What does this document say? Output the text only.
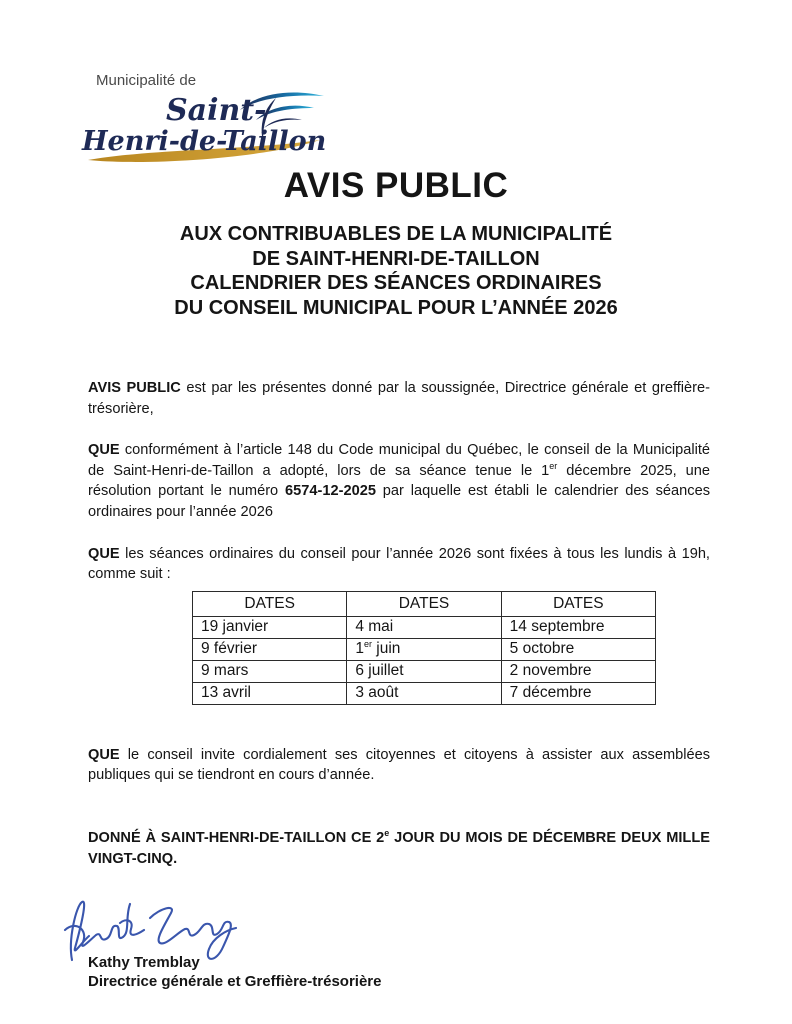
Municipalité de
Saint-
Henri-de-Taillon
AVIS PUBLIC
AUX CONTRIBUABLES DE LA MUNICIPALITÉ
DE SAINT-HENRI-DE-TAILLON
CALENDRIER DES SÉANCES ORDINAIRES
DU CONSEIL MUNICIPAL POUR L’ANNÉE 2026

AVIS PUBLIC est par les présentes donné par la soussignée, Directrice générale et greffière-trésorière,

QUE conformément à l’article 148 du Code municipal du Québec, le conseil de la Municipalité de Saint-Henri-de-Taillon a adopté, lors de sa séance tenue le 1er décembre 2025, une résolution portant le numéro 6574-12-2025 par laquelle est établi le calendrier des séances ordinaires pour l’année 2026

QUE les séances ordinaires du conseil pour l’année 2026 sont fixées à tous les lundis à 19h, comme suit :

DATES	DATES	DATES
19 janvier	4 mai	14 septembre
9 février	1er juin	5 octobre
9 mars	6 juillet	2 novembre
13 avril	3 août	7 décembre

QUE le conseil invite cordialement ses citoyennes et citoyens à assister aux assemblées publiques qui se tiendront en cours d’année.

DONNÉ À SAINT-HENRI-DE-TAILLON CE 2e JOUR DU MOIS DE DÉCEMBRE DEUX MILLE VINGT-CINQ.

Kathy Tremblay
Directrice générale et Greffière-trésorière
